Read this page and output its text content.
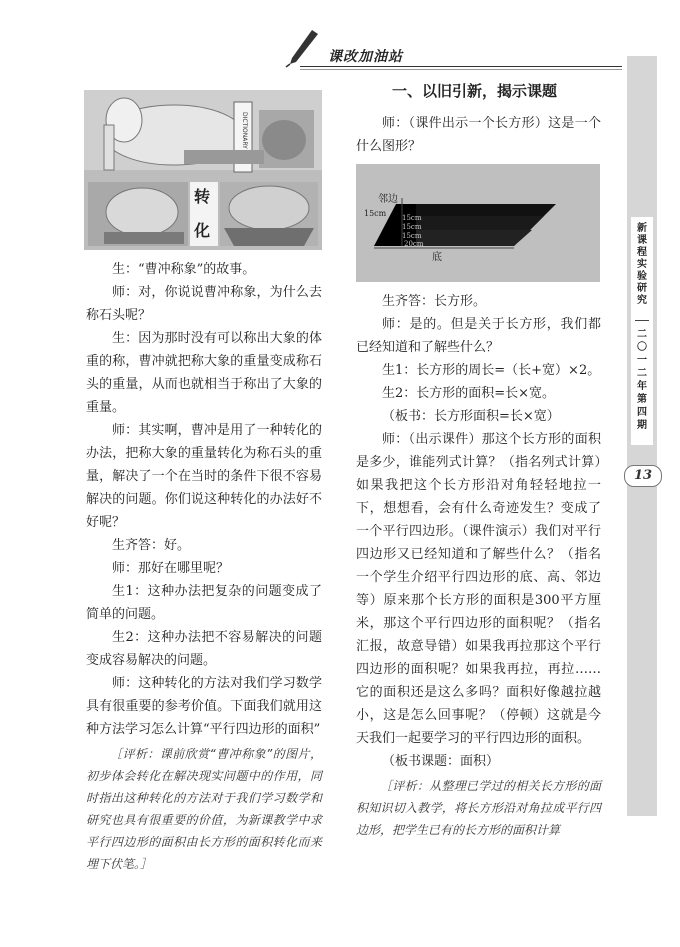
课改加油站
新课程实验研究
二〇一二年第四期
13
DICTIONARY
转
化

生：“曹冲称象”的故事。

师：对，你说说曹冲称象，为什么去称石头呢？

生：因为那时没有可以称出大象的体重的称，曹冲就把称大象的重量变成称石头的重量，从而也就相当于称出了大象的重量。

师：其实啊，曹冲是用了一种转化的办法，把称大象的重量转化为称石头的重量，解决了一个在当时的条件下很不容易解决的问题。你们说这种转化的办法好不好呢？

生齐答：好。

师：那好在哪里呢？

生1：这种办法把复杂的问题变成了简单的问题。

生2：这种办法把不容易解决的问题变成容易解决的问题。

师：这种转化的方法对我们学习数学具有很重要的参考价值。下面我们就用这种方法学习怎么计算“平行四边形的面积”

［评析：课前欣赏“曹冲称象”的图片，初步体会转化在解决现实问题中的作用，同时指出这种转化的方法对于我们学习数学和研究也具有很重要的价值，为新课教学中求平行四边形的面积由长方形的面积转化而来埋下伏笔。］

一、以旧引新，揭示课题

师：（课件出示一个长方形）这是一个什么图形？

邻边
15cm 15cm
15cm
15cm
20cm
底

生齐答：长方形。

师：是的。但是关于长方形，我们都已经知道和了解些什么？

生1：长方形的周长=（长+宽）×2。

生2：长方形的面积=长×宽。

（板书：长方形面积=长×宽）

师：（出示课件）那这个长方形的面积是多少，谁能列式计算？（指名列式计算）如果我把这个长方形沿对角轻轻地拉一下，想想看，会有什么奇迹发生？变成了一个平行四边形。（课件演示）我们对平行四边形又已经知道和了解些什么？（指名一个学生介绍平行四边形的底、高、邻边等）原来那个长方形的面积是300平方厘米，那这个平行四边形的面积呢？（指名汇报，故意导错）如果我再拉那这个平行四边形的面积呢？如果我再拉，再拉……它的面积还是这么多吗？面积好像越拉越小，这是怎么回事呢？（停顿）这就是今天我们一起要学习的平行四边形的面积。

（板书课题：面积）

［评析：从整理已学过的相关长方形的面积知识切入教学，将长方形沿对角拉成平行四边形，把学生已有的长方形的面积计算
